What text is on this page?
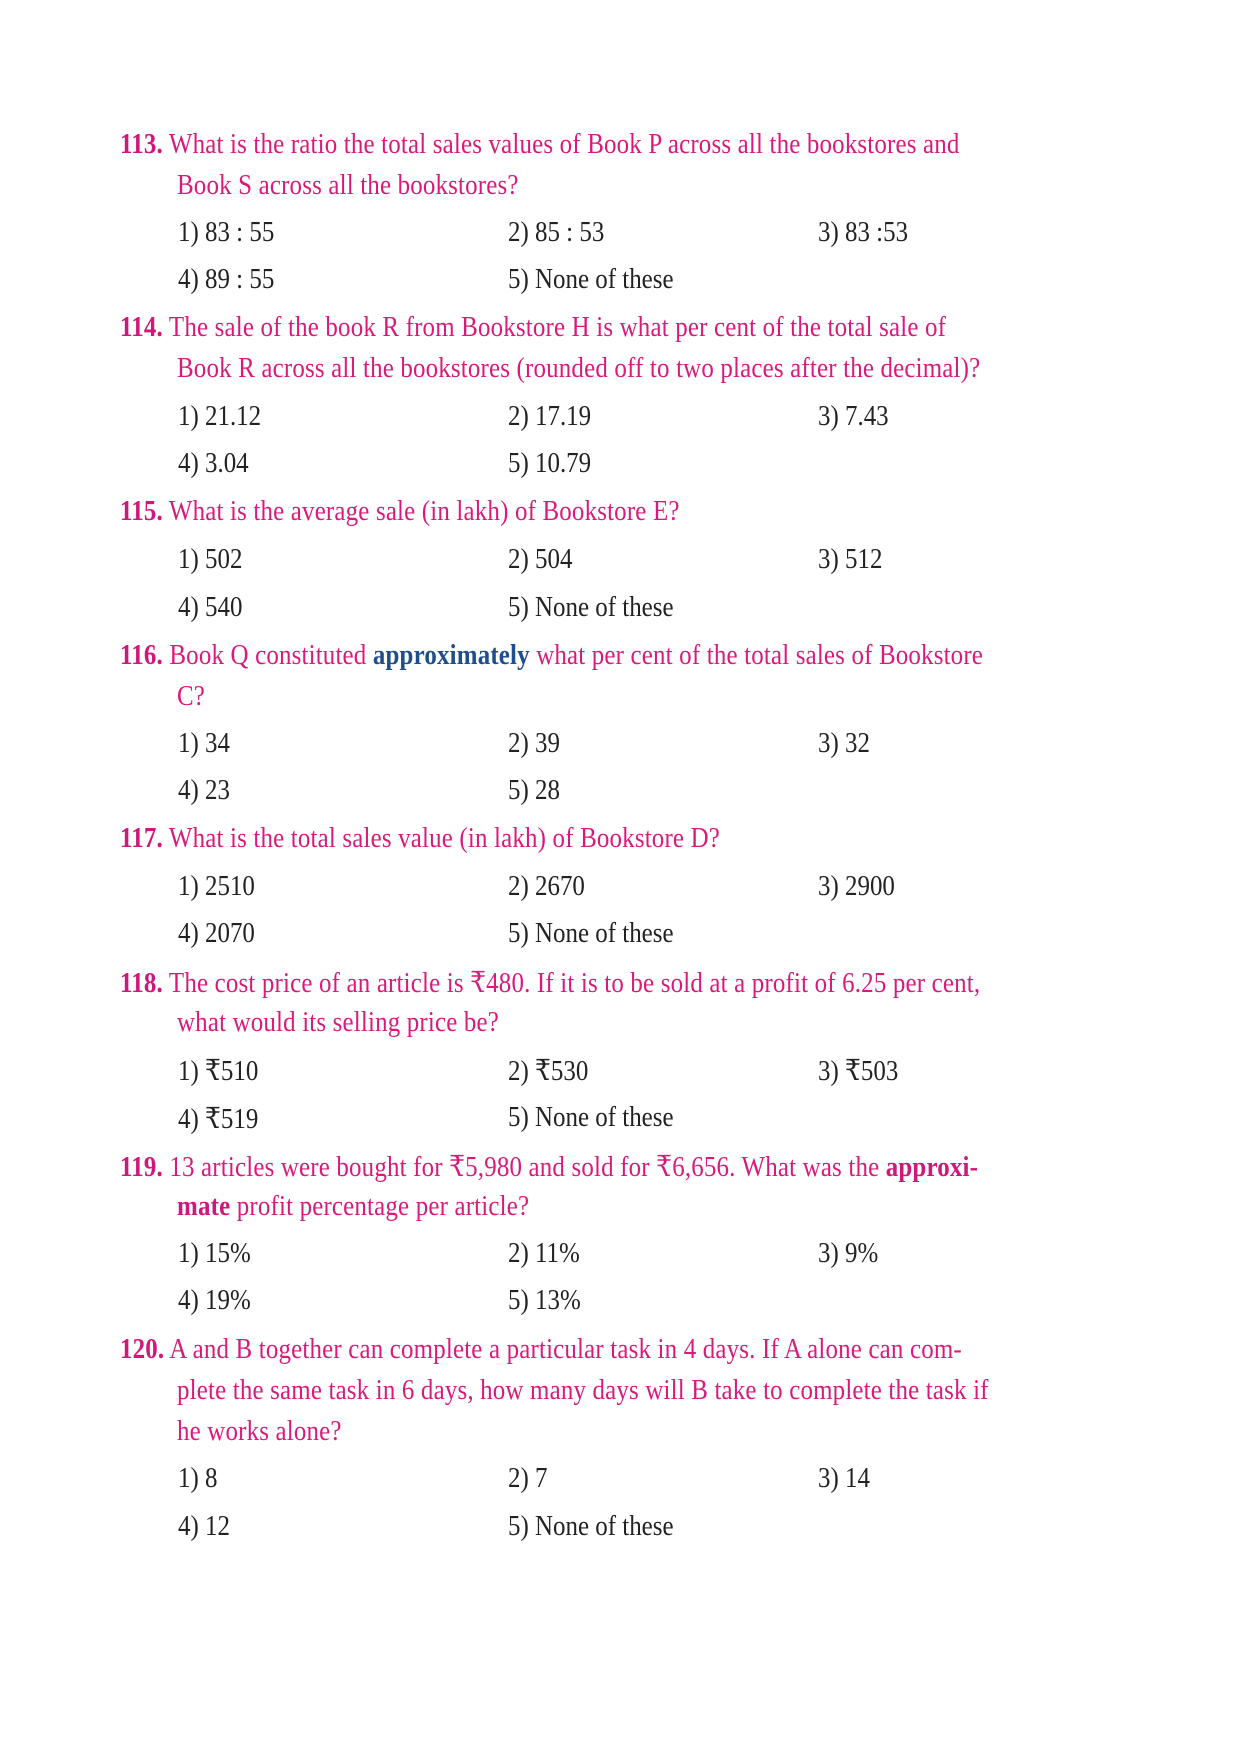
113. What is the ratio the total sales values of Book P across all the bookstores and
Book S across all the bookstores?
1) 83 : 55	2) 85 : 53	3) 83 :53
4) 89 : 55	5) None of these
114. The sale of the book R from Bookstore H is what per cent of the total sale of
Book R across all the bookstores (rounded off to two places after the decimal)?
1) 21.12	2) 17.19	3) 7.43
4) 3.04	5) 10.79
115. What is the average sale (in lakh) of Bookstore E?
1) 502	2) 504	3) 512
4) 540	5) None of these
116. Book Q constituted approximately what per cent of the total sales of Bookstore
C?
1) 34	2) 39	3) 32
4) 23	5) 28
117. What is the total sales value (in lakh) of Bookstore D?
1) 2510	2) 2670	3) 2900
4) 2070	5) None of these
118. The cost price of an article is ₹480. If it is to be sold at a profit of 6.25 per cent,
what would its selling price be?
1) ₹510	2) ₹530	3) ₹503
4) ₹519	5) None of these
119. 13 articles were bought for ₹5,980 and sold for ₹6,656. What was the approxi-
mate profit percentage per article?
1) 15%	2) 11%	3) 9%
4) 19%	5) 13%
120. A and B together can complete a particular task in 4 days. If A alone can com-
plete the same task in 6 days, how many days will B take to complete the task if
he works alone?
1) 8	2) 7	3) 14
4) 12	5) None of these
